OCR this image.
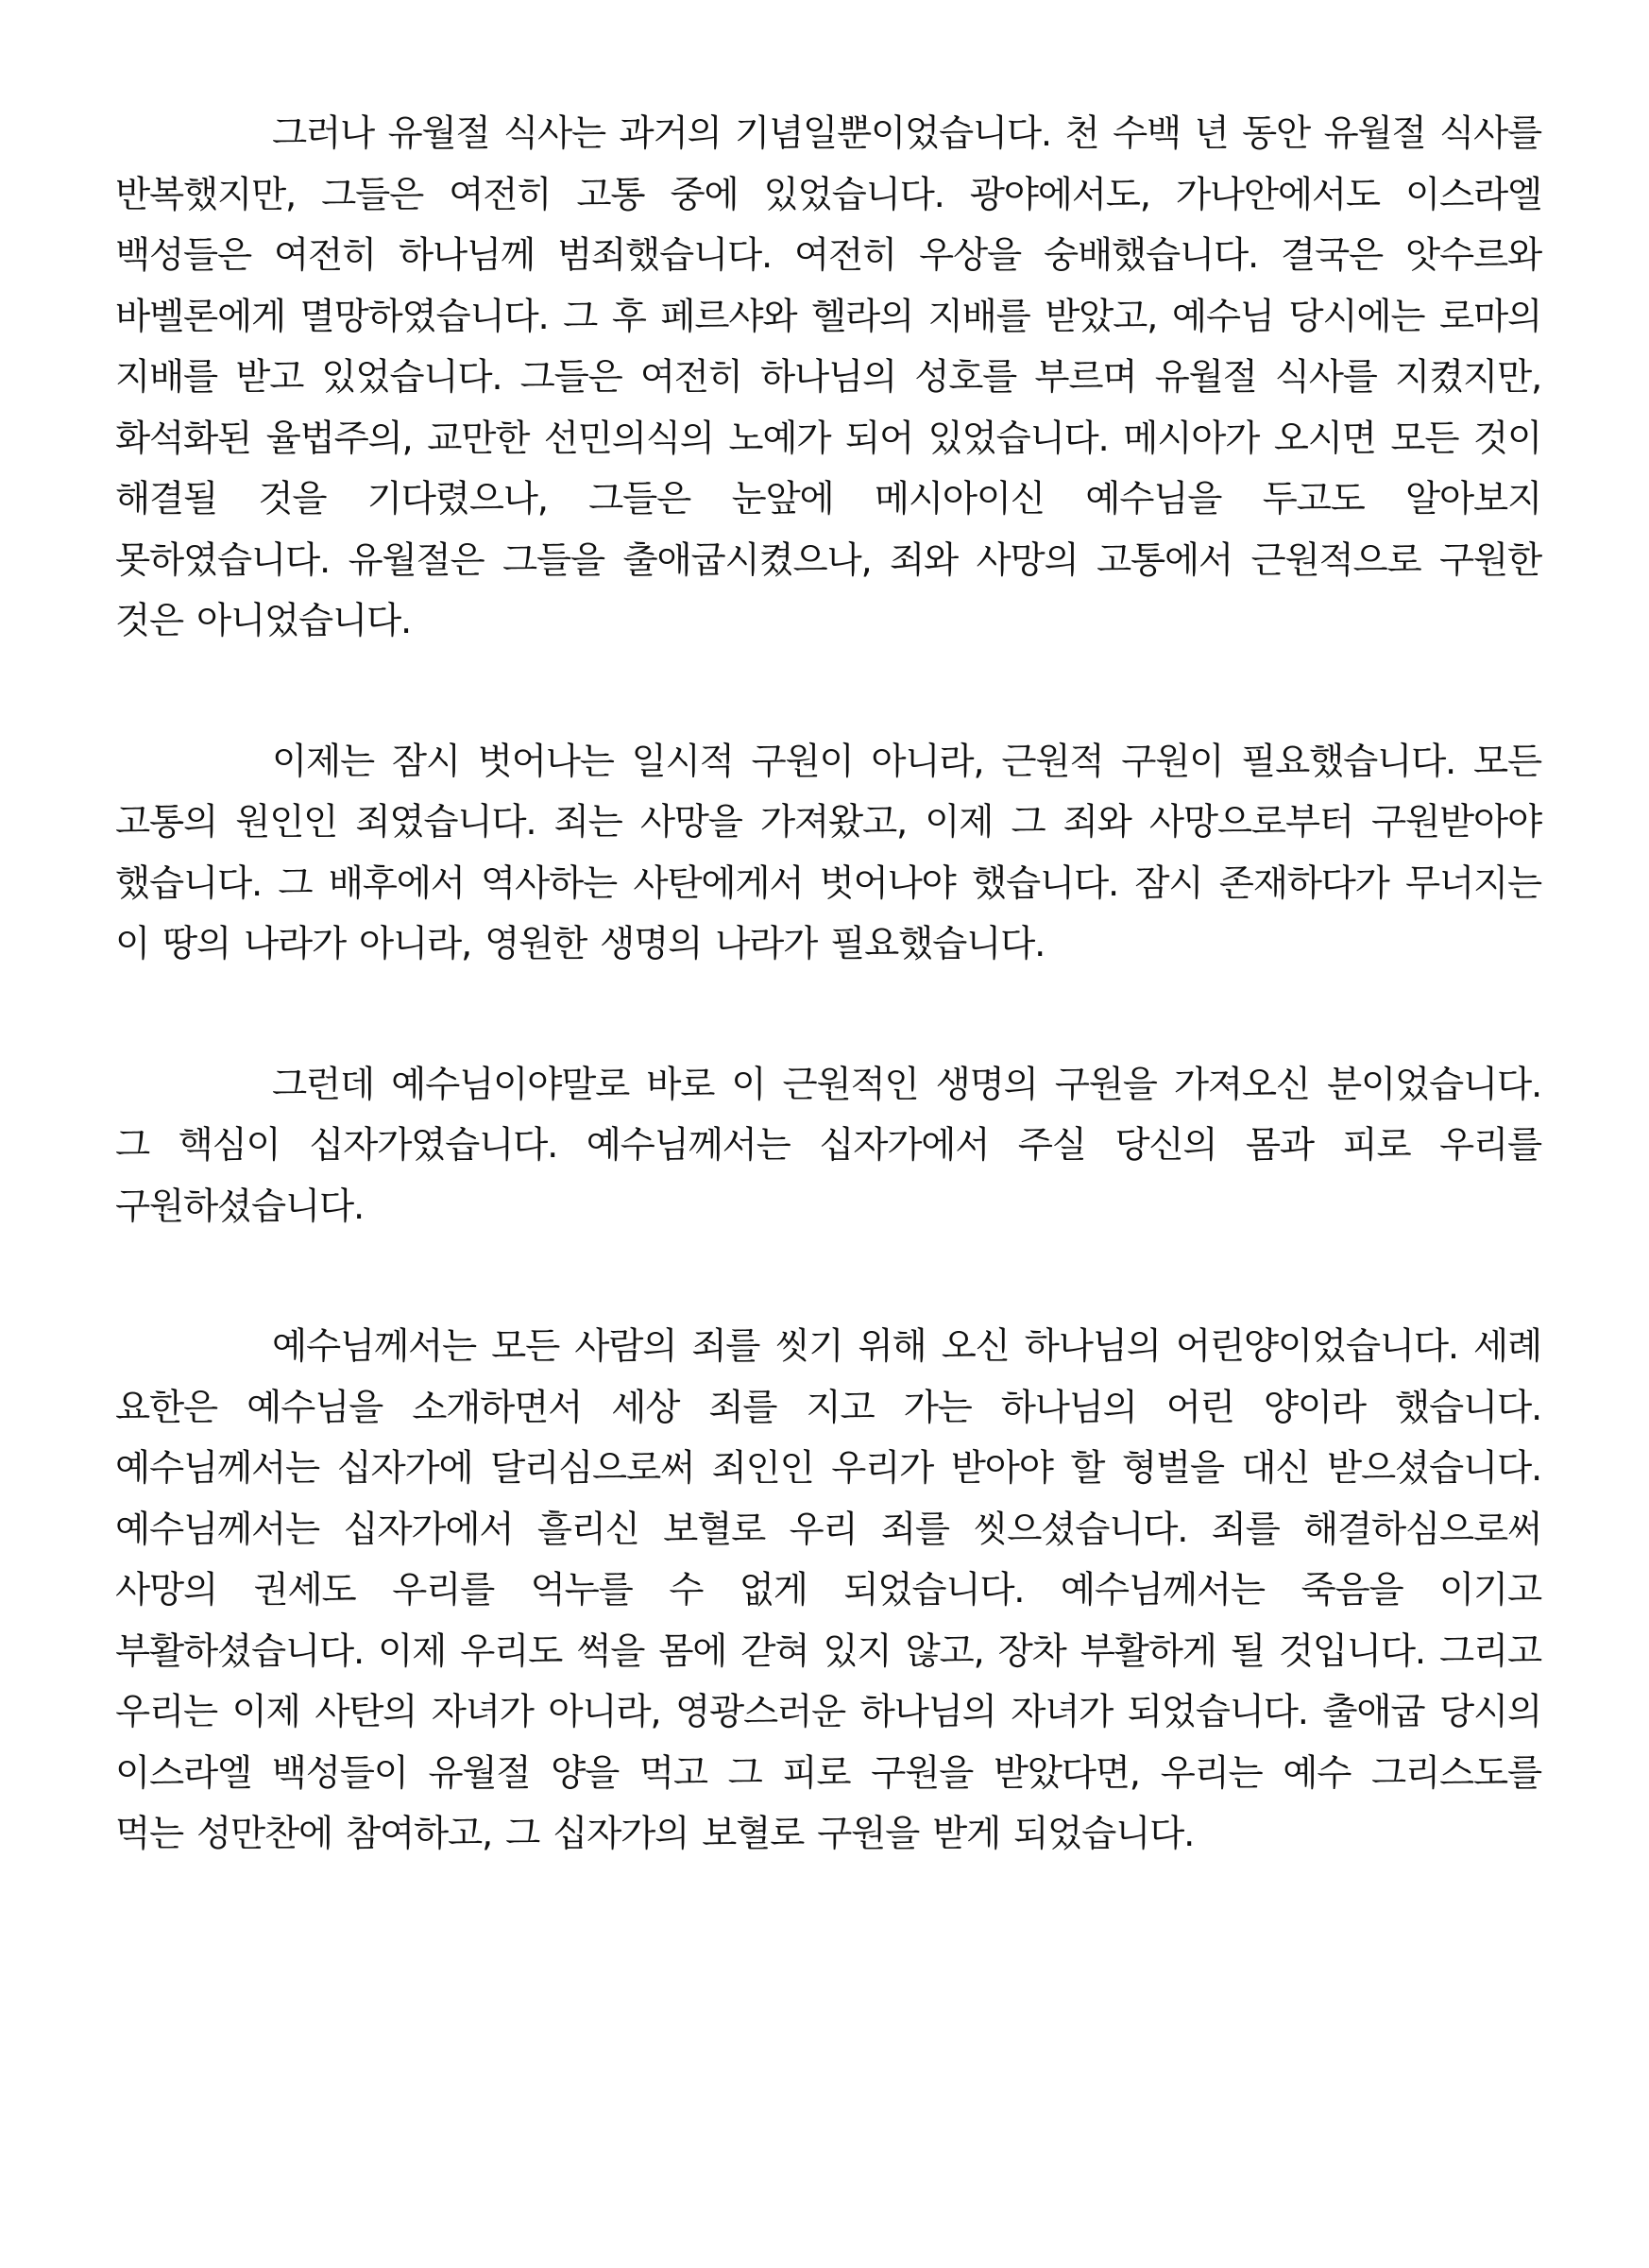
그러나 유월절 식사는 과거의 기념일뿐이었습니다. 천 수백 년 동안 유월절 식사를 반복했지만, 그들은 여전히 고통 중에 있었습니다. 광야에서도, 가나안에서도 이스라엘 백성들은 여전히 하나님께 범죄했습니다. 여전히 우상을 숭배했습니다. 결국은 앗수르와 바벨론에게 멸망하였습니다. 그 후 페르샤와 헬라의 지배를 받았고, 예수님 당시에는 로마의 지배를 받고 있었습니다. 그들은 여전히 하나님의 성호를 부르며 유월절 식사를 지켰지만, 화석화된 율법주의, 교만한 선민의식의 노예가 되어 있었습니다. 메시아가 오시면 모든 것이 해결될 것을 기다렸으나, 그들은 눈앞에 메시아이신 예수님을 두고도 알아보지 못하였습니다. 유월절은 그들을 출애굽시켰으나, 죄와 사망의 고통에서 근원적으로 구원한 것은 아니었습니다.

이제는 잠시 벗어나는 일시적 구원이 아니라, 근원적 구원이 필요했습니다. 모든 고통의 원인인 죄였습니다. 죄는 사망을 가져왔고, 이제 그 죄와 사망으로부터 구원받아야 했습니다. 그 배후에서 역사하는 사탄에게서 벗어나야 했습니다. 잠시 존재하다가 무너지는 이 땅의 나라가 아니라, 영원한 생명의 나라가 필요했습니다.

그런데 예수님이야말로 바로 이 근원적인 생명의 구원을 가져오신 분이었습니다. 그 핵심이 십자가였습니다. 예수님께서는 십자가에서 주실 당신의 몸과 피로 우리를 구원하셨습니다.

예수님께서는 모든 사람의 죄를 씻기 위해 오신 하나님의 어린양이었습니다. 세례 요한은 예수님을 소개하면서 세상 죄를 지고 가는 하나님의 어린 양이라 했습니다. 예수님께서는 십자가에 달리심으로써 죄인인 우리가 받아야 할 형벌을 대신 받으셨습니다. 예수님께서는 십자가에서 흘리신 보혈로 우리 죄를 씻으셨습니다. 죄를 해결하심으로써 사망의 권세도 우리를 억누를 수 없게 되었습니다. 예수님께서는 죽음을 이기고 부활하셨습니다. 이제 우리도 썩을 몸에 갇혀 있지 않고, 장차 부활하게 될 것입니다. 그리고 우리는 이제 사탄의 자녀가 아니라, 영광스러운 하나님의 자녀가 되었습니다. 출애굽 당시의 이스라엘 백성들이 유월절 양을 먹고 그 피로 구원을 받았다면, 우리는 예수 그리스도를 먹는 성만찬에 참여하고, 그 십자가의 보혈로 구원을 받게 되었습니다.
